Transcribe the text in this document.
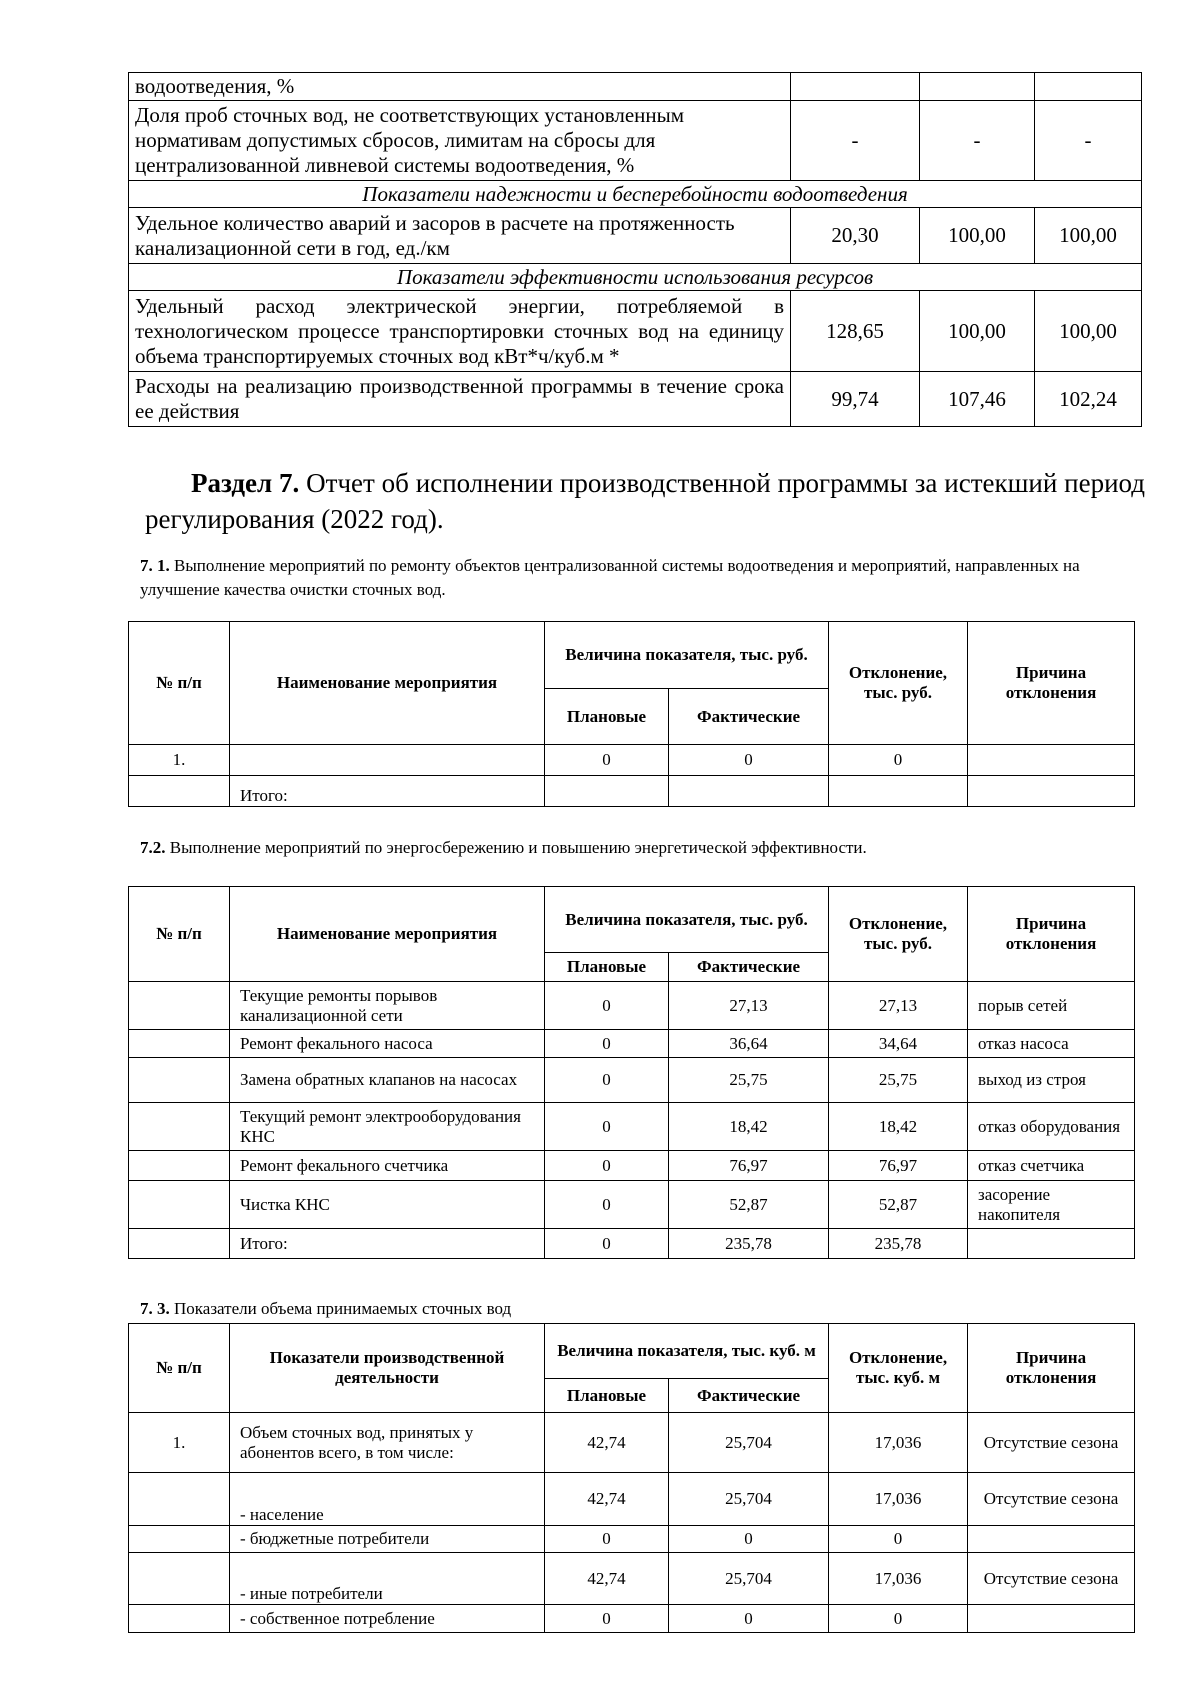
водоотведения, %			
Доля проб сточных вод, не соответствующих установленным нормативам допустимых сбросов, лимитам на сбросы для централизованной ливневой системы водоотведения, %	-	-	-
Показатели надежности и бесперебойности водоотведения			
Удельное количество аварий и засоров в расчете на протяженность канализационной сети в год, ед./км	20,30	100,00	100,00
Показатели эффективности использования ресурсов			
Удельный расход электрической энергии, потребляемой в технологическом процессе транспортировки сточных вод на единицу объема транспортируемых сточных вод кВт*ч/куб.м *	128,65	100,00	100,00
Расходы на реализацию производственной программы в течение срока ее действия	99,74	107,46	102,24
Раздел 7. Отчет об исполнении производственной программы за истекший период регулирования (2022 год).
7. 1. Выполнение мероприятий по ремонту объектов централизованной системы водоотведения и мероприятий, направленных на улучшение качества очистки сточных вод.
№ п/п	Наименование мероприятия	Величина показателя, тыс. руб.		Отклонение, тыс. руб.	Причина отклонения
		Плановые	Фактические		
1.		0	0	0	
	Итого:				
7.2. Выполнение мероприятий по энергосбережению и повышению энергетической эффективности.
№ п/п	Наименование мероприятия	Величина показателя, тыс. руб.		Отклонение, тыс. руб.	Причина отклонения
		Плановые	Фактические		
	Текущие ремонты порывов канализационной сети	0	27,13	27,13	порыв сетей
	Ремонт фекального насоса	0	36,64	34,64	отказ насоса
	Замена обратных клапанов на насосах	0	25,75	25,75	выход из строя
	Текущий ремонт электрооборудования КНС	0	18,42	18,42	отказ оборудования
	Ремонт фекального счетчика	0	76,97	76,97	отказ счетчика
	Чистка КНС	0	52,87	52,87	засорение накопителя
	Итого:	0	235,78	235,78	
7. 3. Показатели объема принимаемых сточных вод
№ п/п	Показатели производственной деятельности	Величина показателя, тыс. куб. м		Отклонение, тыс. куб. м	Причина отклонения
		Плановые	Фактические		
1.	Объем сточных вод, принятых у абонентов всего, в том числе:	42,74	25,704	17,036	Отсутствие сезона
	- население	42,74	25,704	17,036	Отсутствие сезона
	- бюджетные потребители	0	0	0	
	- иные потребители	42,74	25,704	17,036	Отсутствие сезона
	- собственное потребление	0	0	0	
